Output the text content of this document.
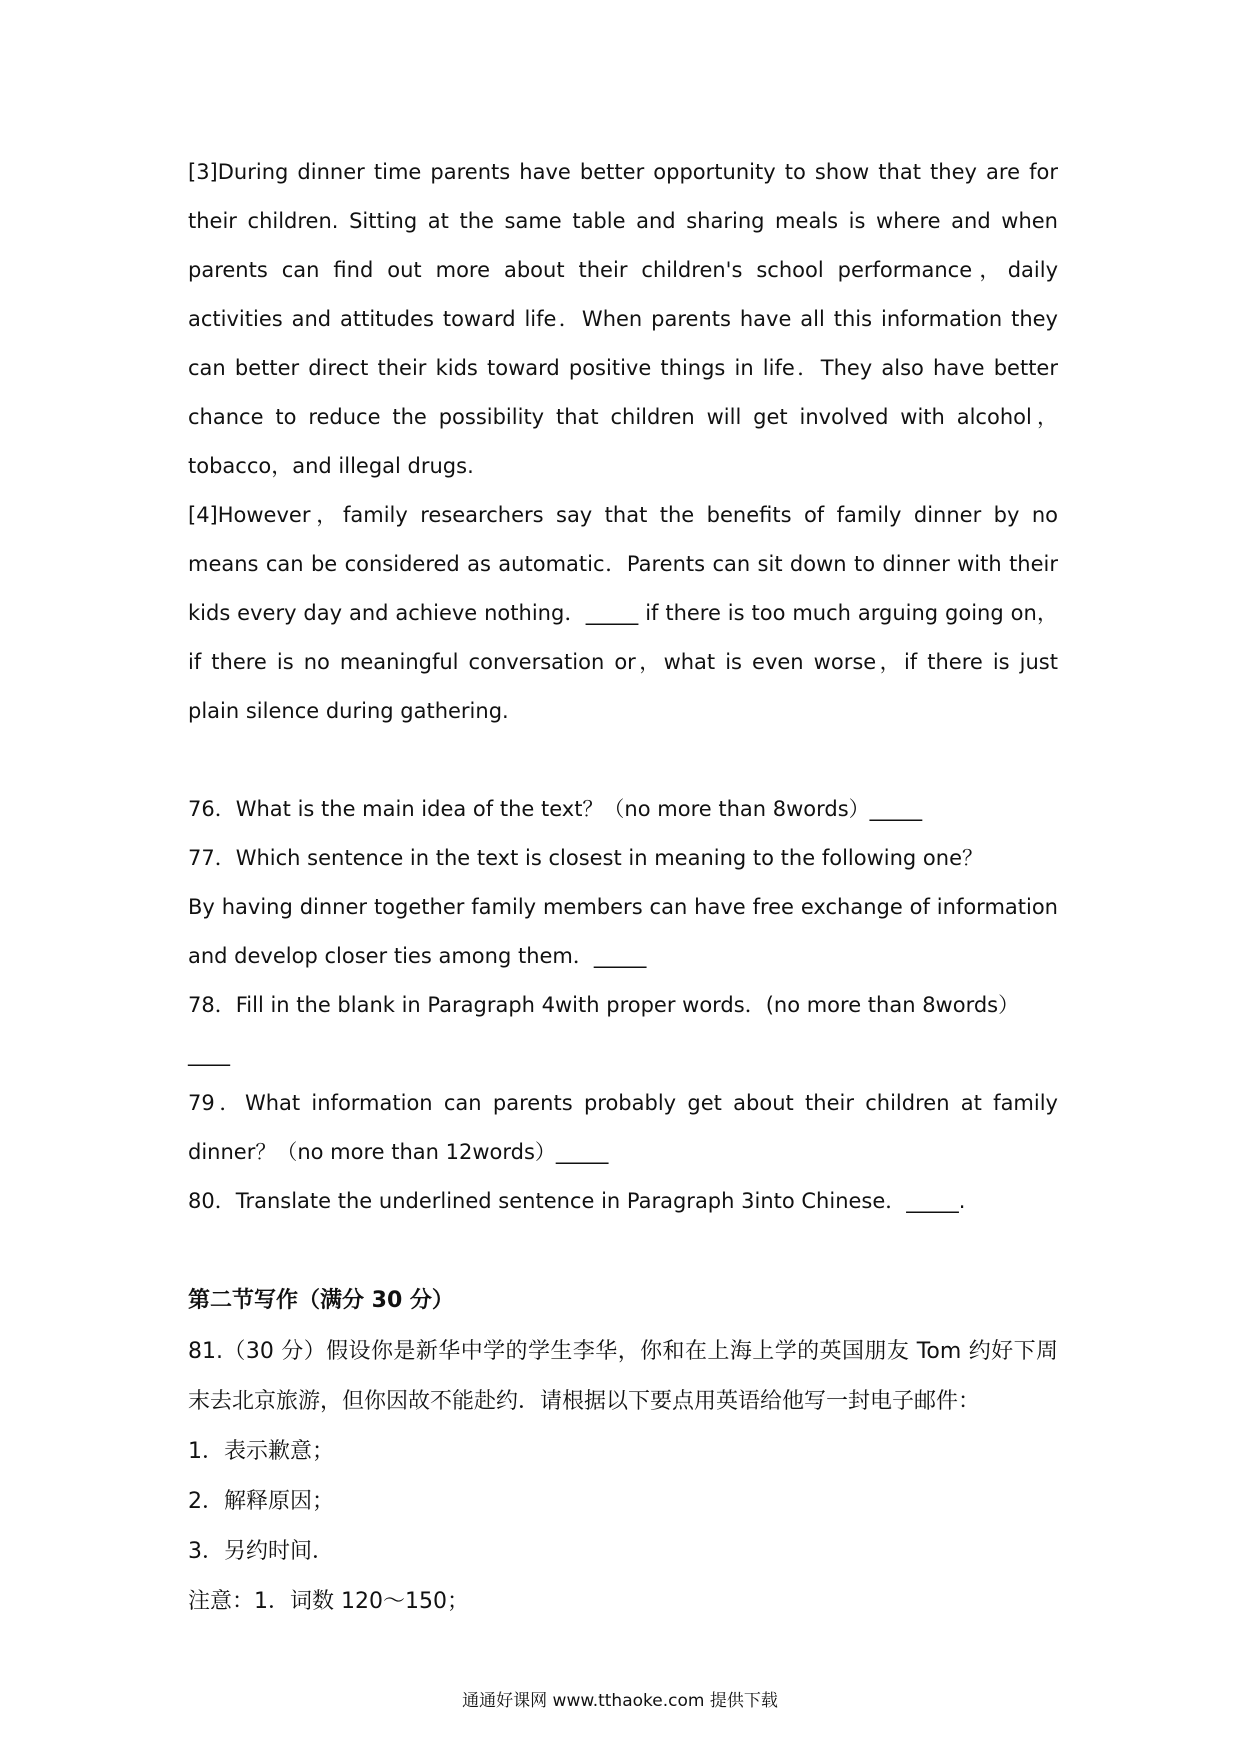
[3]During dinner time parents have better opportunity to show that they are for their children. Sitting at the same table and sharing meals is where and when parents can find out more about their children's school performance，daily activities and attitudes toward life．When parents have all this information they can better direct their kids toward positive things in life．They also have better chance to reduce the possibility that children will get involved with alcohol，tobacco，and illegal drugs.

[4]However，family researchers say that the benefits of family dinner by no means can be considered as automatic．Parents can sit down to dinner with their kids every day and achieve nothing．_____ if there is too much arguing going on，if there is no meaningful conversation or，what is even worse，if there is just plain silence during gathering.

76．What is the main idea of the text？（no more than 8words）_____

77．Which sentence in the text is closest in meaning to the following one？

By having dinner together family members can have free exchange of information and develop closer ties among them．_____

78．Fill in the blank in Paragraph 4with proper words．(no more than 8words）____

79．What information can parents probably get about their children at family dinner？（no more than 12words）_____

80．Translate the underlined sentence in Paragraph 3into Chinese．_____.

第二节写作（满分 30 分）

81.（30 分）假设你是新华中学的学生李华，你和在上海上学的英国朋友 Tom 约好下周末去北京旅游，但你因故不能赴约．请根据以下要点用英语给他写一封电子邮件：

1．表示歉意；

2．解释原因；

3．另约时间．

注意：1．词数 120～150；

通通好课网 www.tthaoke.com 提供下载
